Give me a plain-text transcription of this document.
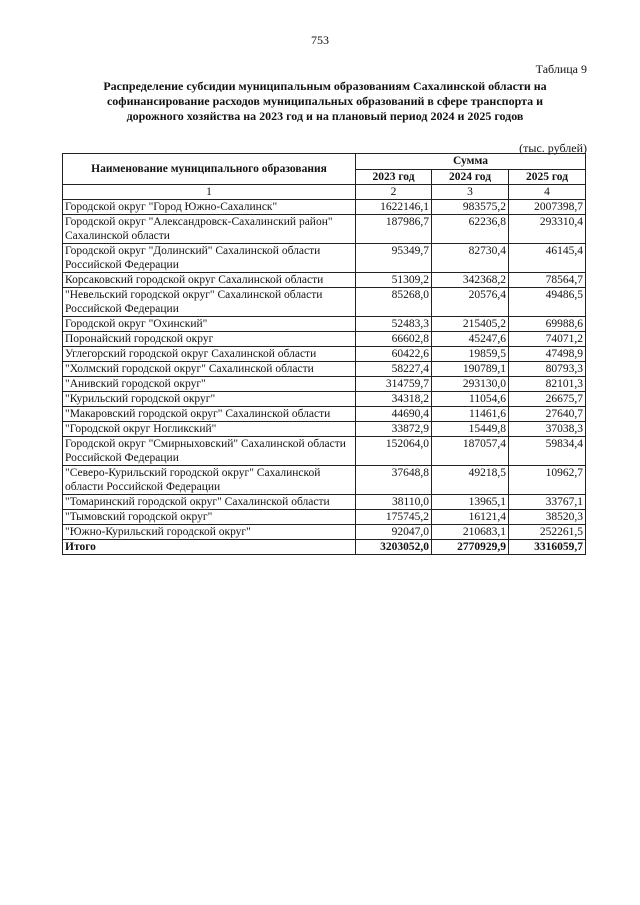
753
Таблица 9
Распределение субсидии муниципальным образованиям Сахалинской области на софинансирование расходов муниципальных образований в сфере транспорта и дорожного хозяйства на 2023 год и на плановый период 2024 и 2025 годов
(тыс. рублей)
Наименование муниципального образования	Сумма		
	2023 год	2024 год	2025 год
1	2	3	4
Городской округ "Город Южно-Сахалинск"	1622146,1	983575,2	2007398,7
Городской округ "Александровск-Сахалинский район" Сахалинской области	187986,7	62236,8	293310,4
Городской округ "Долинский" Сахалинской области Российской Федерации	95349,7	82730,4	46145,4
Корсаковский городской округ Сахалинской области	51309,2	342368,2	78564,7
"Невельский городской округ" Сахалинской области Российской Федерации	85268,0	20576,4	49486,5
Городской округ "Охинский"	52483,3	215405,2	69988,6
Поронайский городской округ	66602,8	45247,6	74071,2
Углегорский городской округ Сахалинской области	60422,6	19859,5	47498,9
"Холмский городской округ" Сахалинской области	58227,4	190789,1	80793,3
"Анивский городской округ"	314759,7	293130,0	82101,3
"Курильский городской округ"	34318,2	11054,6	26675,7
"Макаровский городской округ" Сахалинской области	44690,4	11461,6	27640,7
"Городской округ Ногликский"	33872,9	15449,8	37038,3
Городской округ "Смирныховский" Сахалинской области Российской Федерации	152064,0	187057,4	59834,4
"Северо-Курильский городской округ" Сахалинской области Российской Федерации	37648,8	49218,5	10962,7
"Томаринский городской округ" Сахалинской области	38110,0	13965,1	33767,1
"Тымовский городской округ"	175745,2	16121,4	38520,3
"Южно-Курильский городской округ"	92047,0	210683,1	252261,5
Итого	3203052,0	2770929,9	3316059,7
